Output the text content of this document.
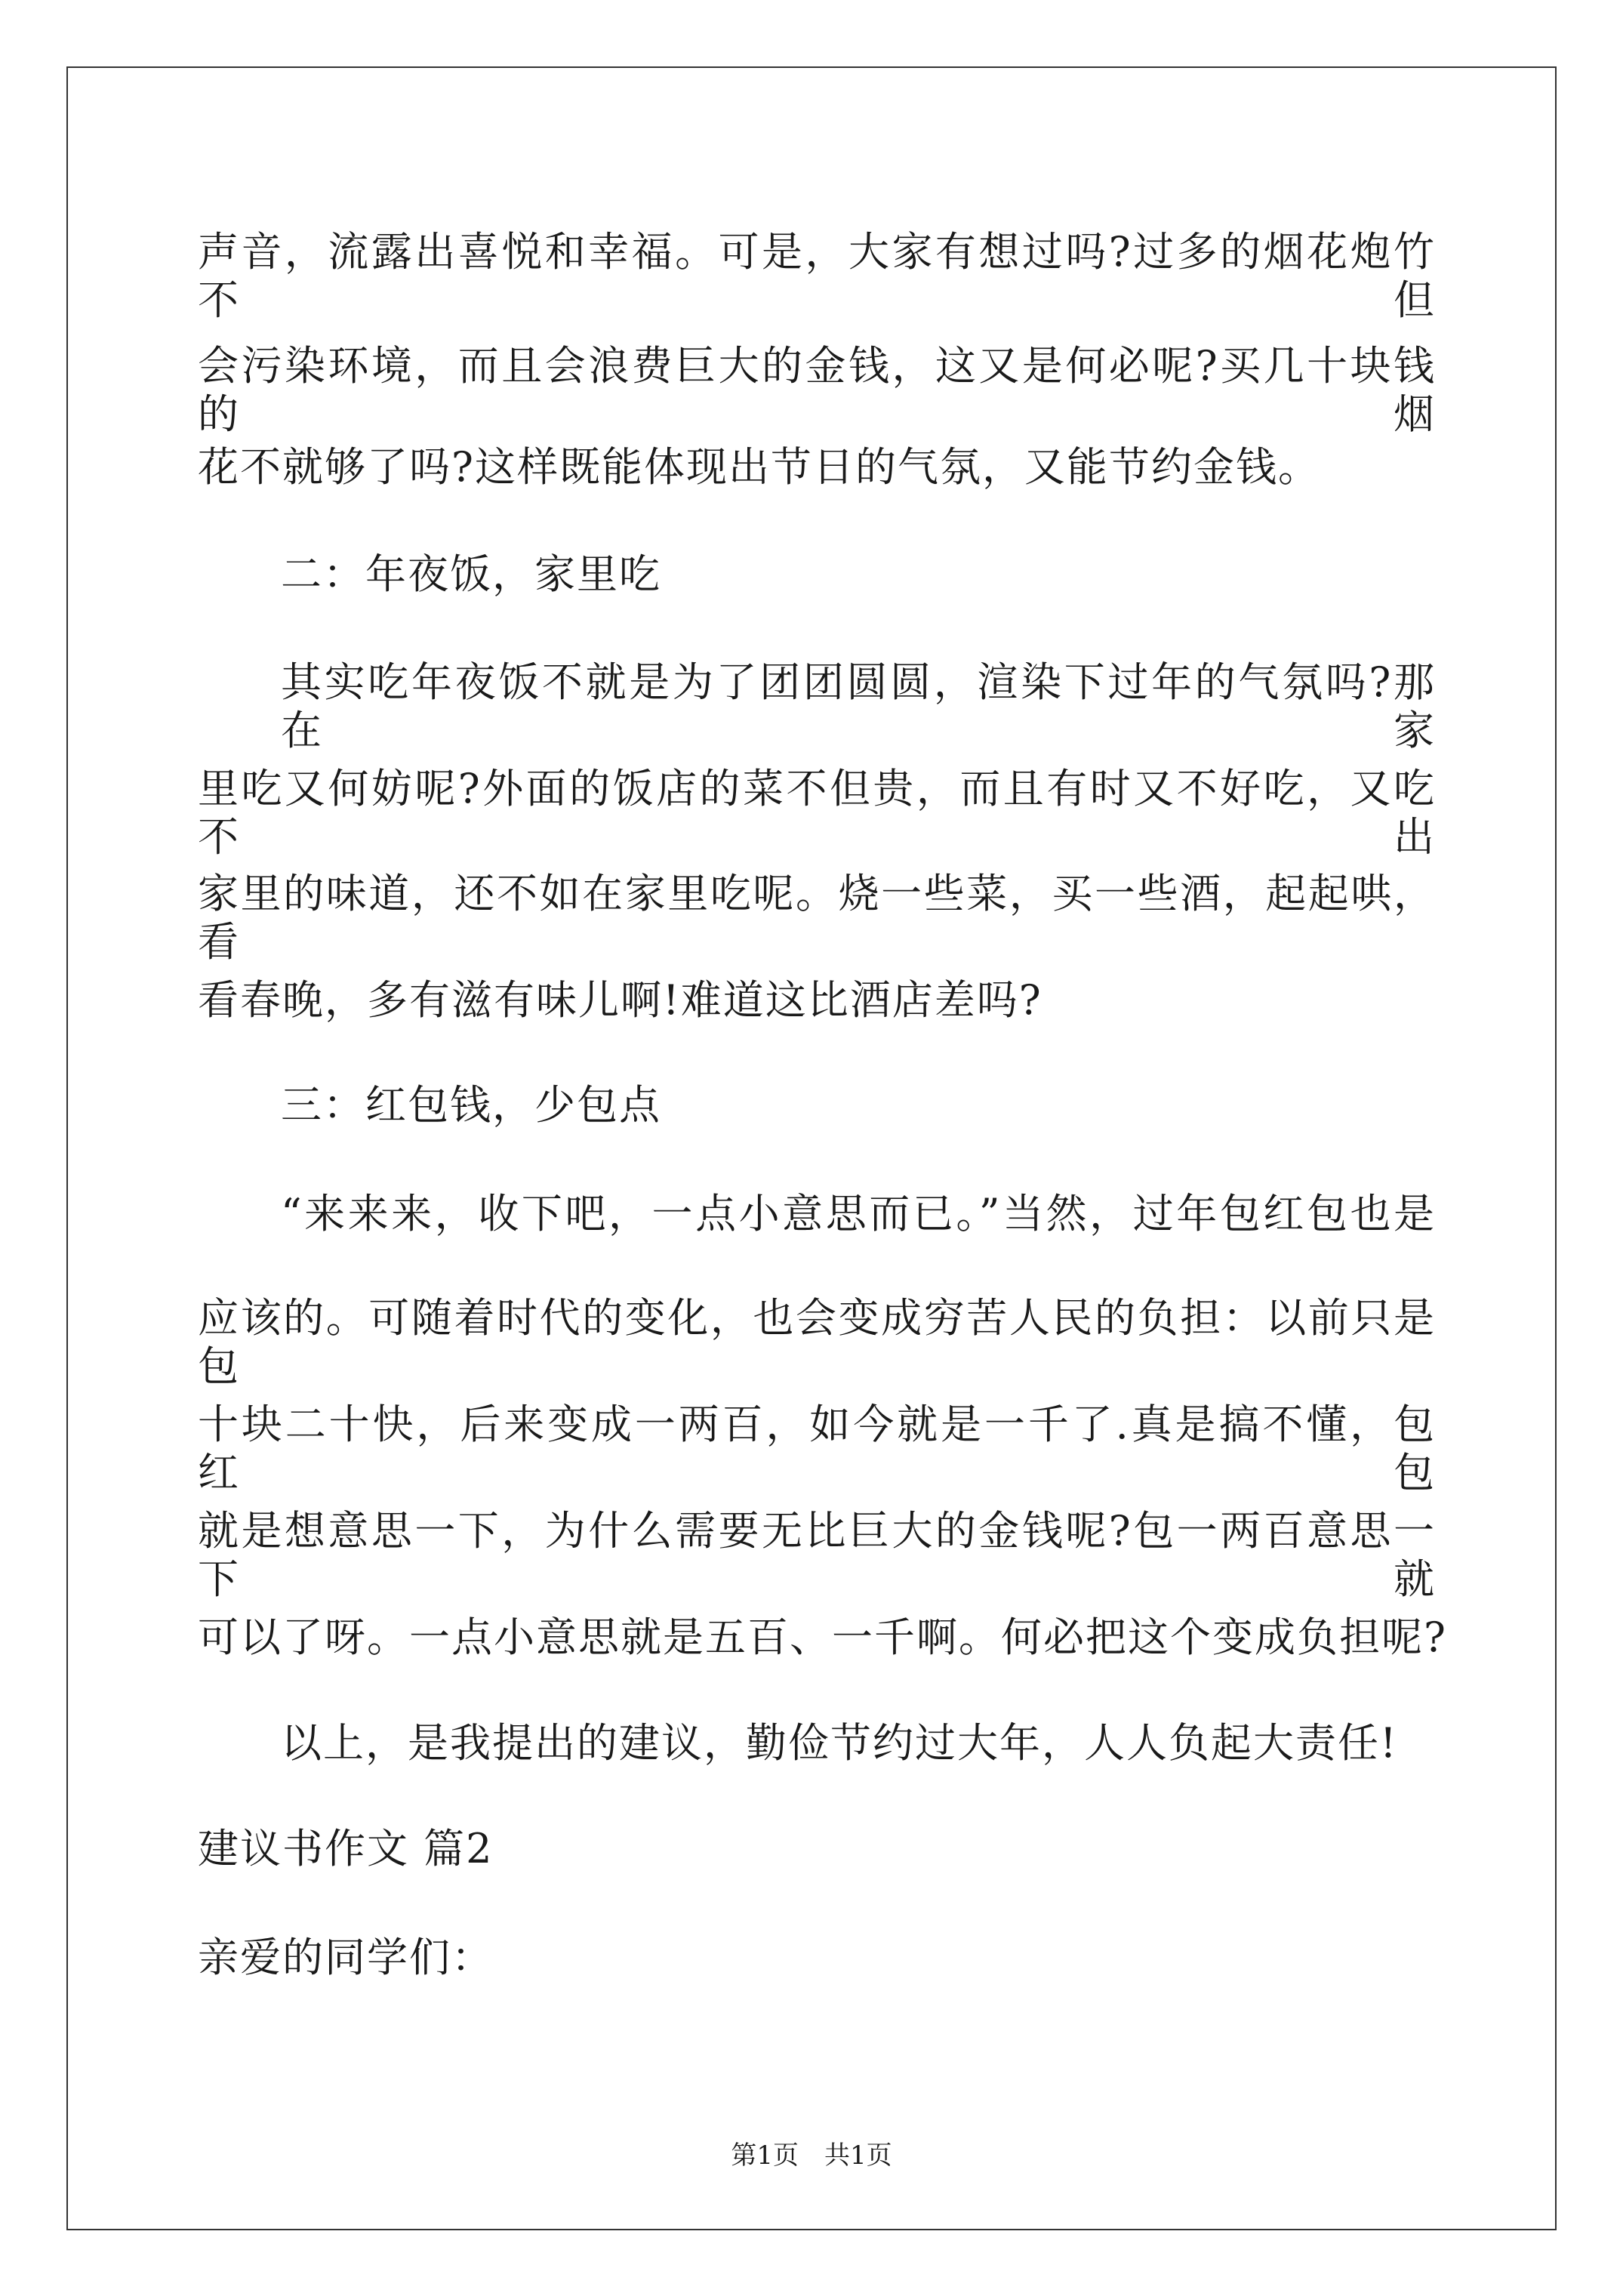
声音，流露出喜悦和幸福。可是，大家有想过吗?过多的烟花炮竹不但
会污染环境，而且会浪费巨大的金钱，这又是何必呢?买几十块钱的烟
花不就够了吗?这样既能体现出节日的气氛，又能节约金钱。
二：年夜饭，家里吃
其实吃年夜饭不就是为了团团圆圆，渲染下过年的气氛吗?那在家
里吃又何妨呢?外面的饭店的菜不但贵，而且有时又不好吃，又吃不出
家里的味道，还不如在家里吃呢。烧一些菜，买一些酒，起起哄，看
看春晚，多有滋有味儿啊!难道这比酒店差吗?
三：红包钱，少包点
“来来来，收下吧，一点小意思而已。”当然，过年包红包也是
应该的。可随着时代的变化，也会变成穷苦人民的负担：以前只是包
十块二十快，后来变成一两百，如今就是一千了.真是搞不懂，包红包
就是想意思一下，为什么需要无比巨大的金钱呢?包一两百意思一下就
可以了呀。一点小意思就是五百、一千啊。何必把这个变成负担呢?
以上，是我提出的建议，勤俭节约过大年，人人负起大责任!
建议书作文 篇2
亲爱的同学们：
第1页 共1页
